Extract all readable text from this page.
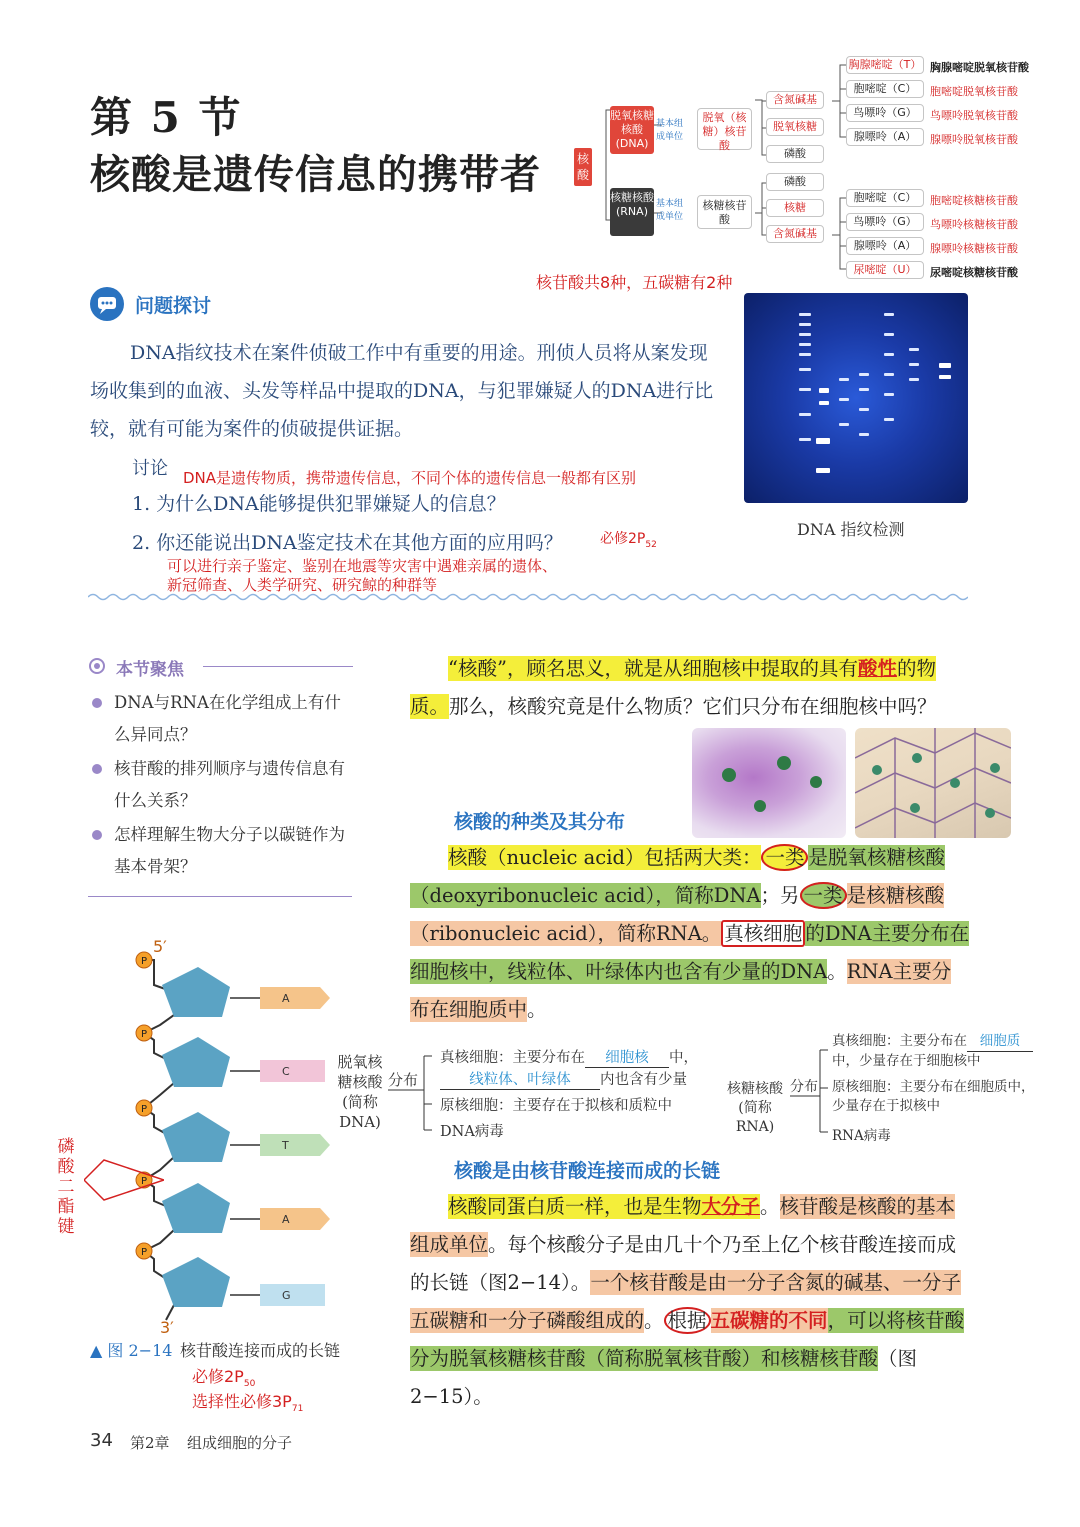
第 5 节
核酸是遗传信息的携带者	核酸
脱氧核糖核酸(DNA)
基本组成单位
脱氧（核糖）核苷酸
核糖核酸(RNA)
基本组成单位
核糖核苷酸
含氮碱基
脱氧核糖
磷酸
磷酸
核糖
含氮碱基
胸腺嘧啶（T）
胞嘧啶（C）
鸟嘌呤（G）
腺嘌呤（A）
胞嘧啶（C）
鸟嘌呤（G）
腺嘌呤（A）
尿嘧啶（U）
胸腺嘧啶脱氧核苷酸
胞嘧啶脱氧核苷酸
鸟嘌呤脱氧核苷酸
腺嘌呤脱氧核苷酸
胞嘧啶核糖核苷酸
鸟嘌呤核糖核苷酸
腺嘌呤核糖核苷酸
尿嘧啶核糖核苷酸
核苷酸共8种，五碳糖有2种
问题探讨
DNA指纹技术在案件侦破工作中有重要的用途。刑侦人员将从案发现场收集到的血液、头发等样品中提取的DNA，与犯罪嫌疑人的DNA进行比较，就有可能为案件的侦破提供证据。
讨论 DNA是遗传物质，携带遗传信息，不同个体的遗传信息一般都有区别
1. 为什么DNA能够提供犯罪嫌疑人的信息？
2. 你还能说出DNA鉴定技术在其他方面的应用吗？	必修$2P_{52}$
可以进行亲子鉴定、鉴别在地震等灾害中遇难亲属的遗体、
新冠筛查、人类学研究、研究鲸的种群等
DNA 指纹检测
本节聚焦
DNA与RNA在化学组成上有什么异同点？
核苷酸的排列顺序与遗传信息有什么关系？
怎样理解生物大分子以碳链作为基本骨架？
P
P
P
P
P
A
C
T
A
G
5′
3′
磷酸二酯键
▲ 图 2−14 核苷酸连接而成的长链
必修$2P_{50}$
选择性必修$3P_{71}$
“核酸”，顾名思义，就是从细胞核中提取的具有酸性的物质。那么，核酸究竟是什么物质？它们只分布在细胞核中吗？
核酸的种类及其分布
核酸（nucleic acid）包括两大类： 一类 是脱氧核糖核酸（deoxyribonucleic acid），简称DNA；另 一类 是核糖核酸（ribonucleic acid），简称RNA。 真核细胞 的DNA主要分布在细胞核中，线粒体、叶绿体内也含有少量的DNA。RNA主要分布在细胞质中。
脱氧核糖核酸(简称DNA)
分布
真核细胞：主要分布在 细胞核 中，
线粒体、叶绿体 内也含有少量
原核细胞：主要存在于拟核和质粒中
DNA病毒
核糖核酸(简称RNA)
分布
真核细胞：主要分布在 细胞质中，少量存在于细胞核中
原核细胞：主要分布在细胞质中，少量存在于拟核中
RNA病毒
核酸是由核苷酸连接而成的长链
核酸同蛋白质一样，也是生物大分子。核苷酸是核酸的基本组成单位。每个核酸分子是由几十个乃至上亿个核苷酸连接而成的长链（图2−14）。一个核苷酸是由一分子含氮的碱基、一分子五碳糖和一分子磷酸组成的。 根据 五碳糖的不同，可以将核苷酸分为脱氧核糖核苷酸（简称脱氧核苷酸）和核糖核苷酸（图2−15）。
34 第2章 组成细胞的分子
